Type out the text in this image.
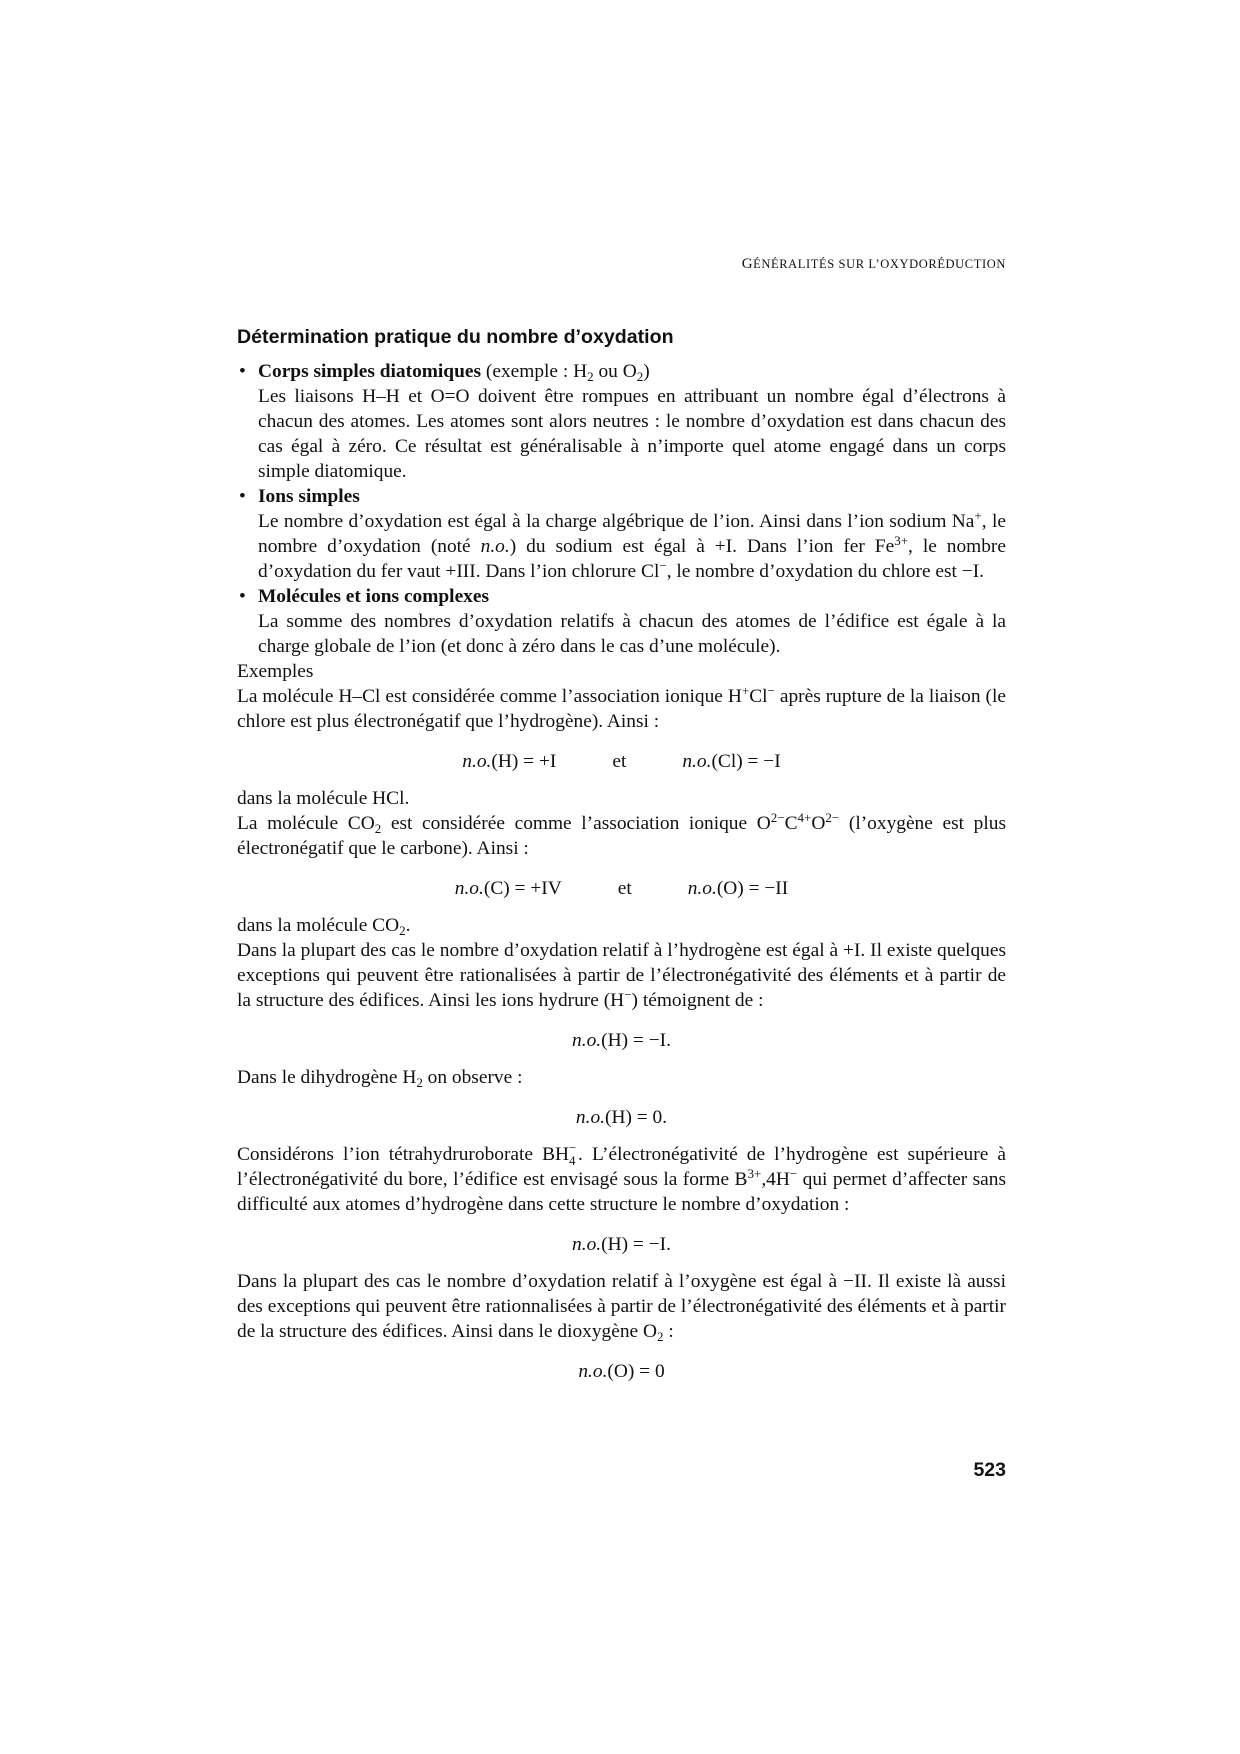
GÉNÉRALITÉS SUR L’OXYDORÉDUCTION
Détermination pratique du nombre d’oxydation
• Corps simples diatomiques (exemple : $H_2$ ou $O_2$)

Les liaisons H–H et O=O doivent être rompues en attribuant un nombre égal d’électrons à chacun des atomes. Les atomes sont alors neutres : le nombre d’oxydation est dans chacun des cas égal à zéro. Ce résultat est généralisable à n’importe quel atome engagé dans un corps simple diatomique.

• Ions simples

Le nombre d’oxydation est égal à la charge algébrique de l’ion. Ainsi dans l’ion sodium Na+, le nombre d’oxydation (noté n.o.) du sodium est égal à +I. Dans l’ion fer $Fe^{3+}$, le nombre d’oxydation du fer vaut +III. Dans l’ion chlorure Cl−, le nombre d’oxydation du chlore est −I.

• Molécules et ions complexes

La somme des nombres d’oxydation relatifs à chacun des atomes de l’édifice est égale à la charge globale de l’ion (et donc à zéro dans le cas d’une molécule).

Exemples

La molécule H–Cl est considérée comme l’association ionique H+Cl− après rupture de la liaison (le chlore est plus électronégatif que l’hydrogène). Ainsi :

n.o.(H) = +I	et	n.o.(Cl) = −I

dans la molécule HCl.

La molécule $CO_2$ est considérée comme l’association ionique $O^{2-}C^{4+}O^{2-}$ (l’oxygène est plus électronégatif que le carbone). Ainsi :

n.o.(C) = +IV	et	n.o.(O) = −II

dans la molécule $CO_2$.

Dans la plupart des cas le nombre d’oxydation relatif à l’hydrogène est égal à +I. Il existe quelques exceptions qui peuvent être rationalisées à partir de l’électronégativité des éléments et à partir de la structure des édifices. Ainsi les ions hydrure (H−) témoignent de :

n.o.(H) = −I.

Dans le dihydrogène $H_2$ on observe :

n.o.(H) = 0.

Considérons l’ion tétrahydruroborate BH −
4 . L’électronégativité de l’hydrogène est supérieure à l’électronégativité du bore, l’édifice est envisagé sous la forme $B^{3+},4H^-$ qui permet d’affecter sans difficulté aux atomes d’hydrogène dans cette structure le nombre d’oxydation :

n.o.(H) = −I.

Dans la plupart des cas le nombre d’oxydation relatif à l’oxygène est égal à −II. Il existe là aussi des exceptions qui peuvent être rationnalisées à partir de l’électronégativité des éléments et à partir de la structure des édifices. Ainsi dans le dioxygène $O_2$ :

n.o.(O) = 0
523
